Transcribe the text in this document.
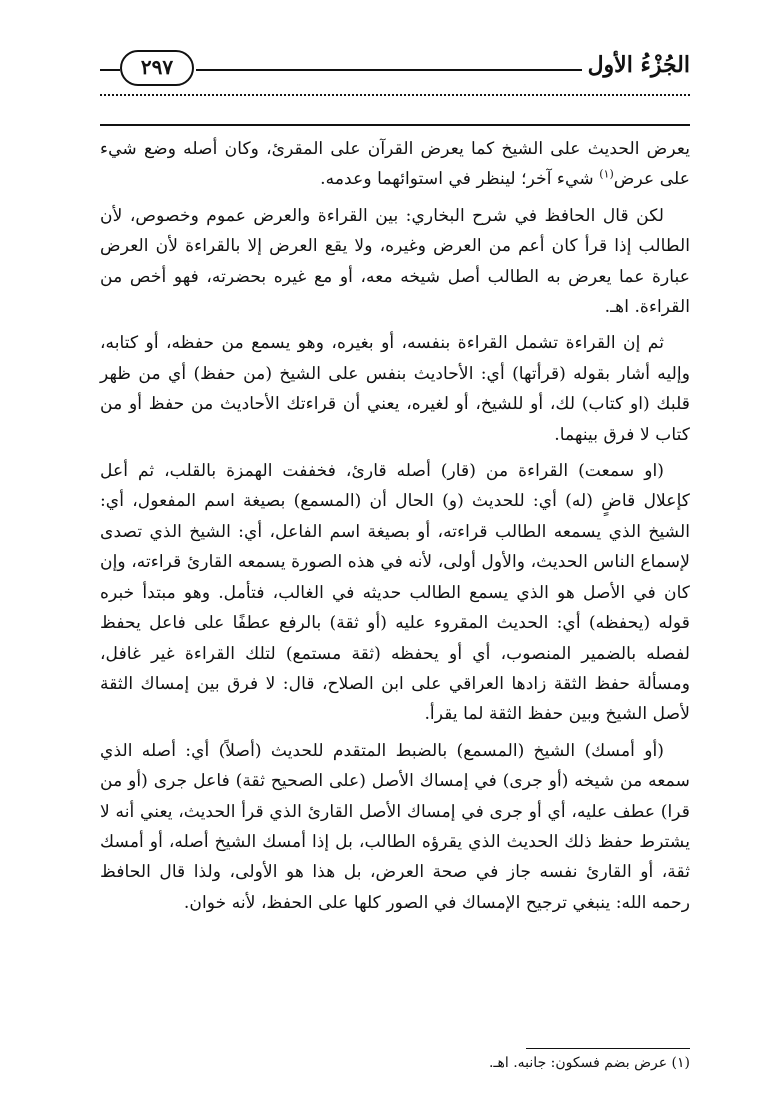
٢٩٧	الجُزْءُ الأول

يعرض الحديث على الشيخ كما يعرض القرآن على المقرئ، وكان أصله وضع شيء على عرض$^{(١)}$ شيء آخر؛ لينظر في استوائهما وعدمه.

لكن قال الحافظ في شرح البخاري: بين القراءة والعرض عموم وخصوص، لأن الطالب إذا قرأ كان أعم من العرض وغيره، ولا يقع العرض إلا بالقراءة لأن العرض عبارة عما يعرض به الطالب أصل شيخه معه، أو مع غيره بحضرته، فهو أخص من القراءة. اهـ.

ثم إن القراءة تشمل القراءة بنفسه، أو بغيره، وهو يسمع من حفظه، أو كتابه، وإليه أشار بقوله (قرأتها) أي: الأحاديث بنفس على الشيخ (من حفظ) أي من ظهر قلبك (او كتاب) لك، أو للشيخ، أو لغيره، يعني أن قراءتك الأحاديث من حفظ أو من كتاب لا فرق بينهما.

(او سمعت) القراءة من (قار) أصله قارئ، فخففت الهمزة بالقلب، ثم أعل كإعلال قاضٍ (له) أي: للحديث (و) الحال أن (المسمع) بصيغة اسم المفعول، أي: الشيخ الذي يسمعه الطالب قراءته، أو بصيغة اسم الفاعل، أي: الشيخ الذي تصدى لإسماع الناس الحديث، والأول أولى، لأنه في هذه الصورة يسمعه القارئ قراءته، وإن كان في الأصل هو الذي يسمع الطالب حديثه في الغالب، فتأمل. وهو مبتدأ خبره قوله (يحفظه) أي: الحديث المقروء عليه (أو ثقة) بالرفع عطفًا على فاعل يحفظ لفصله بالضمير المنصوب، أي أو يحفظه (ثقة مستمع) لتلك القراءة غير غافل، ومسألة حفظ الثقة زادها العراقي على ابن الصلاح، قال: لا فرق بين إمساك الثقة لأصل الشيخ وبين حفظ الثقة لما يقرأ.

(أو أمسك) الشيخ (المسمع) بالضبط المتقدم للحديث (أصلاً) أي: أصله الذي سمعه من شيخه (أو جرى) في إمساك الأصل (على الصحيح ثقة) فاعل جرى (أو من قرا) عطف عليه، أي أو جرى في إمساك الأصل القارئ الذي قرأ الحديث، يعني أنه لا يشترط حفظ ذلك الحديث الذي يقرؤه الطالب، بل إذا أمسك الشيخ أصله، أو أمسك ثقة، أو القارئ نفسه جاز في صحة العرض، بل هذا هو الأولى، ولذا قال الحافظ رحمه الله: ينبغي ترجيح الإمساك في الصور كلها على الحفظ، لأنه خوان.

(١) عرض بضم فسكون: جانبه. اهـ.
